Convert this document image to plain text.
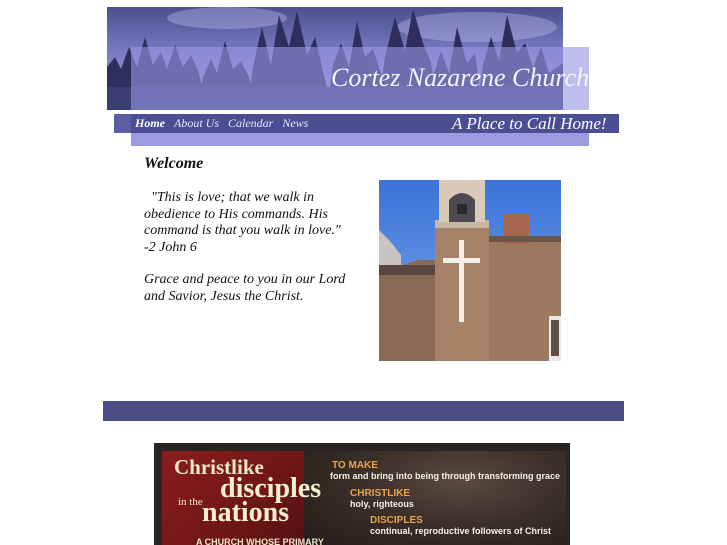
Cortez Nazarene Church
Home About Us Calendar News	A Place to Call Home!
Welcome

"This is love; that we walk in

obedience to His commands. His

command is that you walk in love."

-2 John 6

Grace and peace to you in our Lord

and Savior, Jesus the Christ.

Christlike
disciples
in the nations
A CHURCH WHOSE PRIMARY
TO MAKE
form and bring into being through transforming grace
CHRISTLIKE
holy, righteous
DISCIPLES
continual, reproductive followers of Christ
